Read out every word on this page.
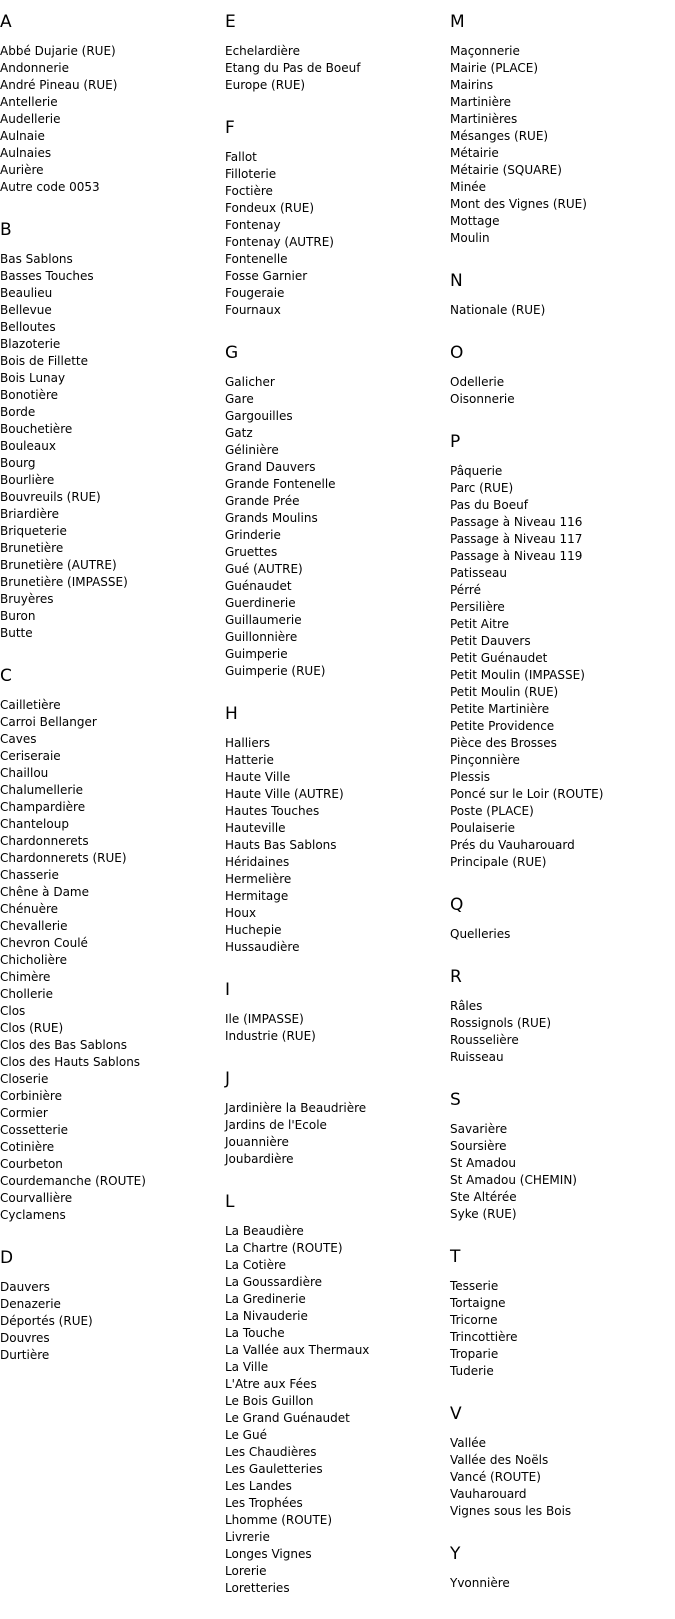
A
Abbé Dujarie (RUE)
Andonnerie
André Pineau (RUE)
Antellerie
Audellerie
Aulnaie
Aulnaies
Aurière
Autre code 0053
B
Bas Sablons
Basses Touches
Beaulieu
Bellevue
Belloutes
Blazoterie
Bois de Fillette
Bois Lunay
Bonotière
Borde
Bouchetière
Bouleaux
Bourg
Bourlière
Bouvreuils (RUE)
Briardière
Briqueterie
Brunetière
Brunetière (AUTRE)
Brunetière (IMPASSE)
Bruyères
Buron
Butte
C
Cailletière
Carroi Bellanger
Caves
Ceriseraie
Chaillou
Chalumellerie
Champardière
Chanteloup
Chardonnerets
Chardonnerets (RUE)
Chasserie
Chêne à Dame
Chénuère
Chevallerie
Chevron Coulé
Chicholière
Chimère
Chollerie
Clos
Clos (RUE)
Clos des Bas Sablons
Clos des Hauts Sablons
Closerie
Corbinière
Cormier
Cossetterie
Cotinière
Courbeton
Courdemanche (ROUTE)
Courvallière
Cyclamens
D
Dauvers
Denazerie
Déportés (RUE)
Douvres
Durtière
E
Echelardière
Etang du Pas de Boeuf
Europe (RUE)
F
Fallot
Filloterie
Foctière
Fondeux (RUE)
Fontenay
Fontenay (AUTRE)
Fontenelle
Fosse Garnier
Fougeraie
Fournaux
G
Galicher
Gare
Gargouilles
Gatz
Gélinière
Grand Dauvers
Grande Fontenelle
Grande Prée
Grands Moulins
Grinderie
Gruettes
Gué (AUTRE)
Guénaudet
Guerdinerie
Guillaumerie
Guillonnière
Guimperie
Guimperie (RUE)
H
Halliers
Hatterie
Haute Ville
Haute Ville (AUTRE)
Hautes Touches
Hauteville
Hauts Bas Sablons
Héridaines
Hermelière
Hermitage
Houx
Huchepie
Hussaudière
I
Ile (IMPASSE)
Industrie (RUE)
J
Jardinière la Beaudrière
Jardins de l'Ecole
Jouannière
Joubardière
L
La Beaudière
La Chartre (ROUTE)
La Cotière
La Goussardière
La Gredinerie
La Nivauderie
La Touche
La Vallée aux Thermaux
La Ville
L'Atre aux Fées
Le Bois Guillon
Le Grand Guénaudet
Le Gué
Les Chaudières
Les Gauletteries
Les Landes
Les Trophées
Lhomme (ROUTE)
Livrerie
Longes Vignes
Lorerie
Loretteries
M
Maçonnerie
Mairie (PLACE)
Mairins
Martinière
Martinières
Mésanges (RUE)
Métairie
Métairie (SQUARE)
Minée
Mont des Vignes (RUE)
Mottage
Moulin
N
Nationale (RUE)
O
Odellerie
Oisonnerie
P
Pâquerie
Parc (RUE)
Pas du Boeuf
Passage à Niveau 116
Passage à Niveau 117
Passage à Niveau 119
Patisseau
Pérré
Persilière
Petit Aitre
Petit Dauvers
Petit Guénaudet
Petit Moulin (IMPASSE)
Petit Moulin (RUE)
Petite Martinière
Petite Providence
Pièce des Brosses
Pinçonnière
Plessis
Poncé sur le Loir (ROUTE)
Poste (PLACE)
Poulaiserie
Prés du Vauharouard
Principale (RUE)
Q
Quelleries
R
Râles
Rossignols (RUE)
Rousselière
Ruisseau
S
Savarière
Soursière
St Amadou
St Amadou (CHEMIN)
Ste Altérée
Syke (RUE)
T
Tesserie
Tortaigne
Tricorne
Trincottière
Troparie
Tuderie
V
Vallée
Vallée des Noëls
Vancé (ROUTE)
Vauharouard
Vignes sous les Bois
Y
Yvonnière
